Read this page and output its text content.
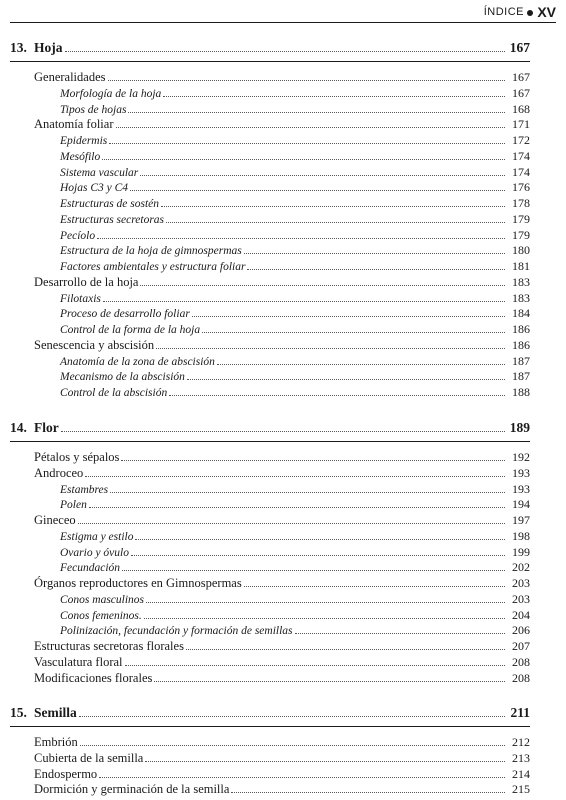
ÍNDICE XV
13. Hoja	167
Generalidades	167
Morfología de la hoja	167
Tipos de hojas	168
Anatomía foliar	171
Epidermis	172
Mesófilo	174
Sistema vascular	174
Hojas C3 y C4	176
Estructuras de sostén	178
Estructuras secretoras	179
Pecíolo	179
Estructura de la hoja de gimnospermas	180
Factores ambientales y estructura foliar	181
Desarrollo de la hoja	183
Filotaxis	183
Proceso de desarrollo foliar	184
Control de la forma de la hoja	186
Senescencia y abscisión	186
Anatomía de la zona de abscisión	187
Mecanismo de la abscisión	187
Control de la abscisión	188
14. Flor	189
Pétalos y sépalos	192
Androceo	193
Estambres	193
Polen	194
Gineceo	197
Estigma y estilo	198
Ovario y óvulo	199
Fecundación	202
Órganos reproductores en Gimnospermas	203
Conos masculinos	203
Conos femeninos.	204
Polinización, fecundación y formación de semillas	206
Estructuras secretoras florales	207
Vasculatura floral	208
Modificaciones florales	208
15. Semilla	211
Embrión	212
Cubierta de la semilla	213
Endospermo	214
Dormición y germinación de la semilla	215
